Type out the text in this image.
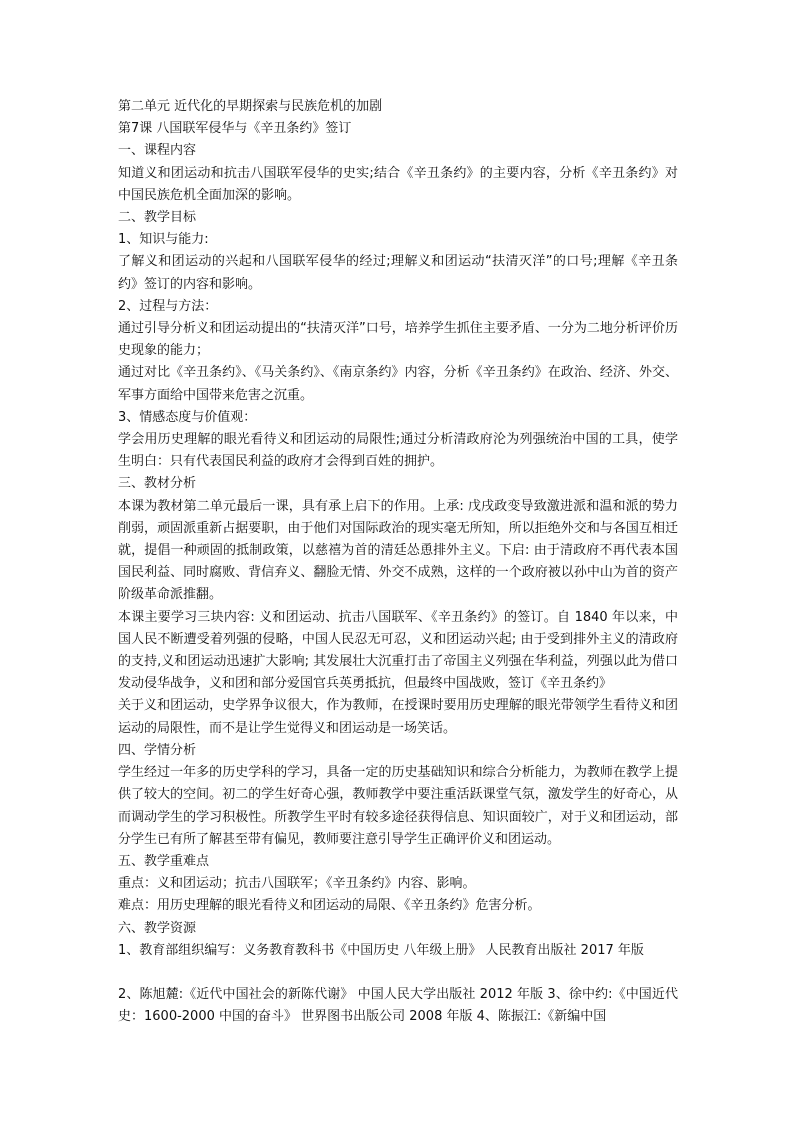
第二单元 近代化的早期探索与民族危机的加剧

第7课 八国联军侵华与《辛丑条约》签订

一、课程内容

知道义和团运动和抗击八国联军侵华的史实;结合《辛丑条约》的主要内容，分析《辛丑条约》对中国民族危机全面加深的影响。

二、教学目标

1、知识与能力:

了解义和团运动的兴起和八国联军侵华的经过;理解义和团运动“扶清灭洋”的口号;理解《辛丑条约》签订的内容和影响。

2、过程与方法：

通过引导分析义和团运动提出的“扶清灭洋”口号，培养学生抓住主要矛盾、一分为二地分析评价历史现象的能力；

通过对比《辛丑条约》、《马关条约》、《南京条约》内容，分析《辛丑条约》在政治、经济、外交、军事方面给中国带来危害之沉重。

3、情感态度与价值观：

学会用历史理解的眼光看待义和团运动的局限性;通过分析清政府沦为列强统治中国的工具，使学生明白：只有代表国民利益的政府才会得到百姓的拥护。

三、教材分析

本课为教材第二单元最后一课，具有承上启下的作用。上承: 戊戌政变导致激进派和温和派的势力削弱，顽固派重新占据要职，由于他们对国际政治的现实毫无所知，所以拒绝外交和与各国互相迁就，提倡一种顽固的抵制政策，以慈禧为首的清廷怂恿排外主义。下启: 由于清政府不再代表本国国民利益、同时腐败、背信弃义、翻脸无情、外交不成熟，这样的一个政府被以孙中山为首的资产阶级革命派推翻。

本课主要学习三块内容: 义和团运动、抗击八国联军、《辛丑条约》的签订。自 1840 年以来，中国人民不断遭受着列强的侵略，中国人民忍无可忍，义和团运动兴起; 由于受到排外主义的清政府的支持,义和团运动迅速扩大影响; 其发展壮大沉重打击了帝国主义列强在华利益，列强以此为借口发动侵华战争，义和团和部分爱国官兵英勇抵抗，但最终中国战败，签订《辛丑条约》

关于义和团运动，史学界争议很大，作为教师，在授课时要用历史理解的眼光带领学生看待义和团运动的局限性，而不是让学生觉得义和团运动是一场笑话。

四、学情分析

学生经过一年多的历史学科的学习，具备一定的历史基础知识和综合分析能力，为教师在教学上提供了较大的空间。初二的学生好奇心强，教师教学中要注重活跃课堂气氛，激发学生的好奇心，从而调动学生的学习积极性。所教学生平时有较多途径获得信息、知识面较广，对于义和团运动，部分学生已有所了解甚至带有偏见，教师要注意引导学生正确评价义和团运动。

五、教学重难点

重点：义和团运动；抗击八国联军；《辛丑条约》内容、影响。

难点：用历史理解的眼光看待义和团运动的局限、《辛丑条约》危害分析。

六、教学资源

1、教育部组织编写：义务教育教科书《中国历史 八年级上册》 人民教育出版社 2017 年版

2、陈旭麓:《近代中国社会的新陈代谢》 中国人民大学出版社 2012 年版 3、徐中约:《中国近代史：1600-2000 中国的奋斗》 世界图书出版公司 2008 年版 4、陈振江:《新编中国
